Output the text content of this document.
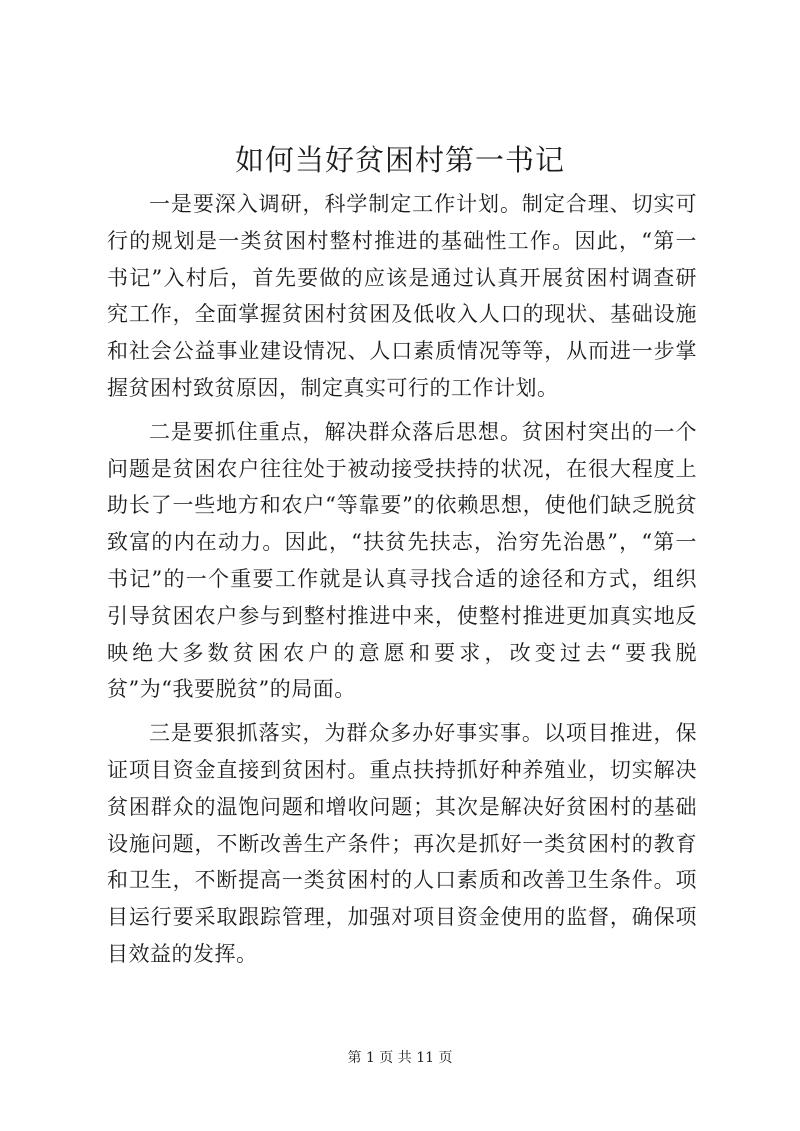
如何当好贫困村第一书记

一是要深入调研，科学制定工作计划。制定合理、切实可行的规划是一类贫困村整村推进的基础性工作。因此，“第一书记”入村后，首先要做的应该是通过认真开展贫困村调查研究工作，全面掌握贫困村贫困及低收入人口的现状、基础设施和社会公益事业建设情况、人口素质情况等等，从而进一步掌握贫困村致贫原因，制定真实可行的工作计划。

二是要抓住重点，解决群众落后思想。贫困村突出的一个问题是贫困农户往往处于被动接受扶持的状况，在很大程度上助长了一些地方和农户“等靠要”的依赖思想，使他们缺乏脱贫致富的内在动力。因此，“扶贫先扶志，治穷先治愚”，“第一书记”的一个重要工作就是认真寻找合适的途径和方式，组织引导贫困农户参与到整村推进中来，使整村推进更加真实地反映绝大多数贫困农户的意愿和要求，改变过去“要我脱贫”为“我要脱贫”的局面。

三是要狠抓落实，为群众多办好事实事。以项目推进，保证项目资金直接到贫困村。重点扶持抓好种养殖业，切实解决贫困群众的温饱问题和增收问题；其次是解决好贫困村的基础设施问题，不断改善生产条件；再次是抓好一类贫困村的教育和卫生，不断提高一类贫困村的人口素质和改善卫生条件。项目运行要采取跟踪管理，加强对项目资金使用的监督，确保项目效益的发挥。

第 1 页 共 11 页
